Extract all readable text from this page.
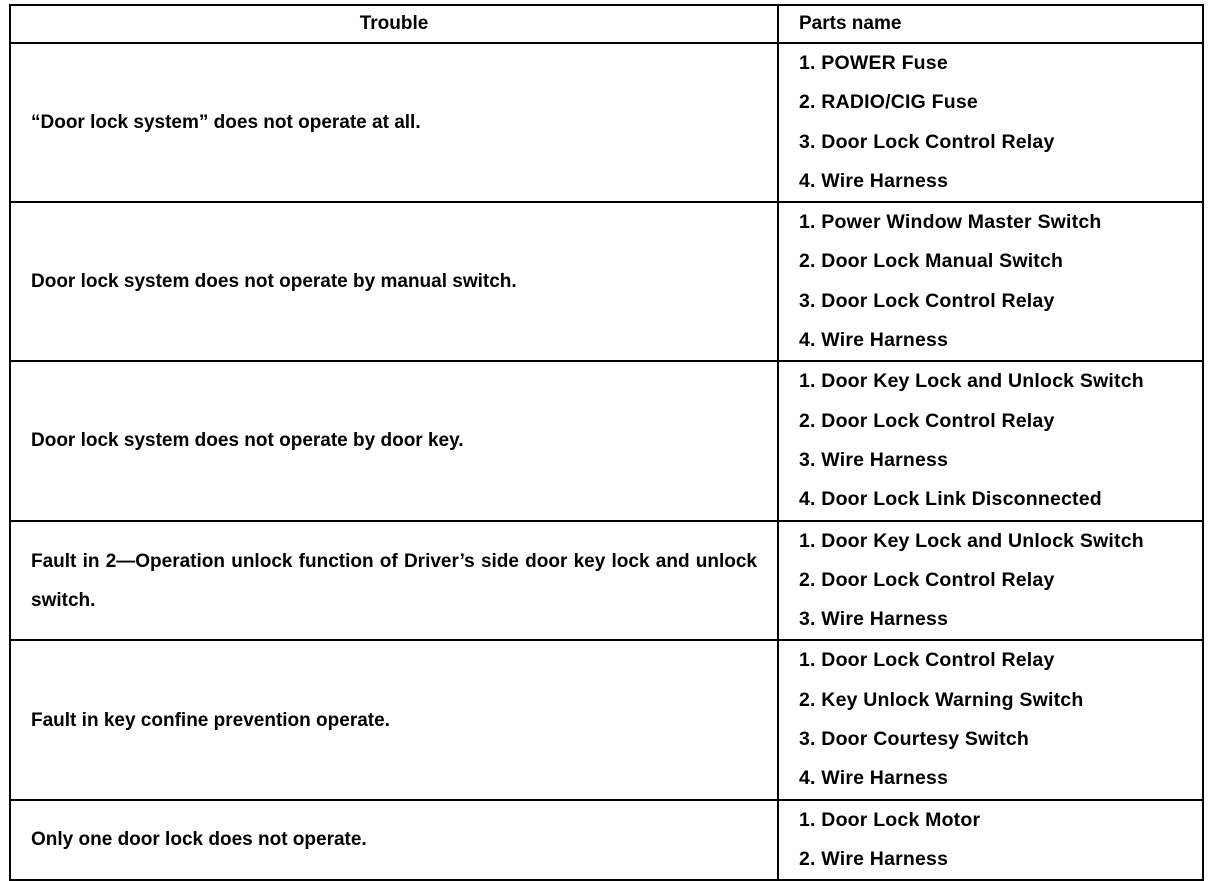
Trouble	Parts name
“Door lock system” does not operate at all.	1. POWER Fuse
2. RADIO/CIG Fuse
3. Door Lock Control Relay
4. Wire Harness

Door lock system does not operate by manual switch.	1. Power Window Master Switch
2. Door Lock Manual Switch
3. Door Lock Control Relay
4. Wire Harness

Door lock system does not operate by door key.	1. Door Key Lock and Unlock Switch
2. Door Lock Control Relay
3. Wire Harness
4. Door Lock Link Disconnected

Fault in 2—Operation unlock function of Driver’s side door key lock and unlock switch.	1. Door Key Lock and Unlock Switch
2. Door Lock Control Relay
3. Wire Harness

Fault in key confine prevention operate.	1. Door Lock Control Relay
2. Key Unlock Warning Switch
3. Door Courtesy Switch
4. Wire Harness

Only one door lock does not operate.	1. Door Lock Motor
2. Wire Harness
